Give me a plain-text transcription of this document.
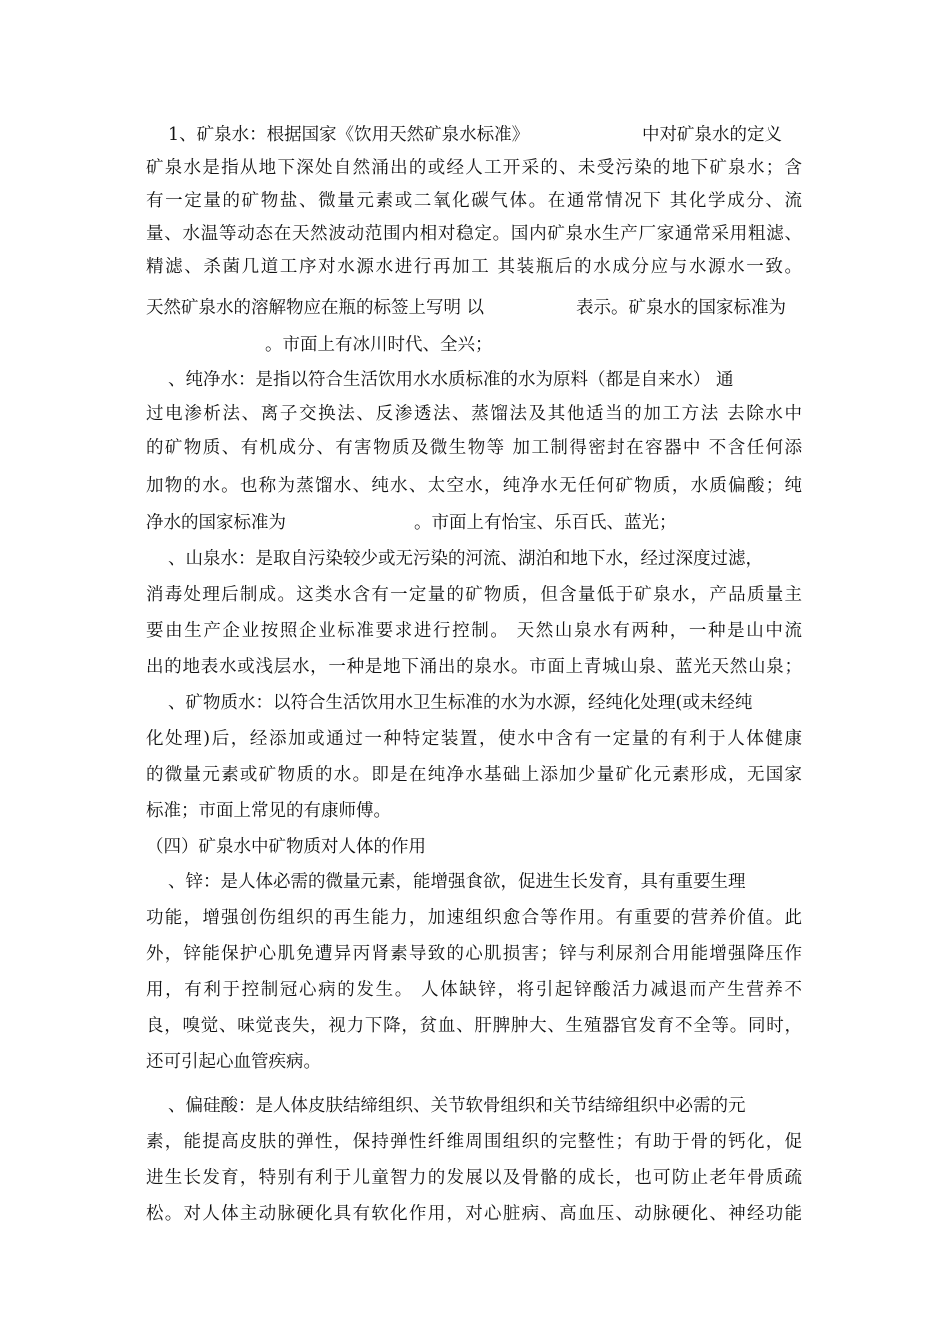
1、矿泉水：根据国家《饮用天然矿泉水标准》	中对矿泉水的定义
矿泉水是指从地下深处自然涌出的或经人工开采的、未受污染的地下矿泉水；含
有一定量的矿物盐、微量元素或二氧化碳气体。在通常情况下 其化学成分、流
量、水温等动态在天然波动范围内相对稳定。国内矿泉水生产厂家通常采用粗滤、
精滤、杀菌几道工序对水源水进行再加工 其装瓶后的水成分应与水源水一致。
天然矿泉水的溶解物应在瓶的标签上写明 以	表示。矿泉水的国家标准为
。市面上有冰川时代、全兴；
、纯净水：是指以符合生活饮用水水质标准的水为原料（都是自来水） 通
过电渗析法、离子交换法、反渗透法、蒸馏法及其他适当的加工方法 去除水中
的矿物质、有机成分、有害物质及微生物等 加工制得密封在容器中 不含任何添
加物的水。也称为蒸馏水、纯水、太空水，纯净水无任何矿物质，水质偏酸；纯
净水的国家标准为	。市面上有怡宝、乐百氏、蓝光；
、山泉水：是取自污染较少或无污染的河流、湖泊和地下水，经过深度过滤，
消毒处理后制成。这类水含有一定量的矿物质，但含量低于矿泉水，产品质量主
要由生产企业按照企业标准要求进行控制。 天然山泉水有两种，一种是山中流
出的地表水或浅层水，一种是地下涌出的泉水。市面上青城山泉、蓝光天然山泉；
、矿物质水：以符合生活饮用水卫生标准的水为水源，经纯化处理(或未经纯
化处理)后，经添加或通过一种特定装置，使水中含有一定量的有利于人体健康
的微量元素或矿物质的水。即是在纯净水基础上添加少量矿化元素形成，无国家
标准；市面上常见的有康师傅。
（四）矿泉水中矿物质对人体的作用
、锌：是人体必需的微量元素，能增强食欲，促进生长发育，具有重要生理
功能，增强创伤组织的再生能力，加速组织愈合等作用。有重要的营养价值。此
外，锌能保护心肌免遭异丙肾素导致的心肌损害；锌与利尿剂合用能增强降压作
用，有利于控制冠心病的发生。 人体缺锌，将引起锌酸活力减退而产生营养不
良，嗅觉、味觉丧失，视力下降，贫血、肝脾肿大、生殖器官发育不全等。同时，
还可引起心血管疾病。
、偏硅酸：是人体皮肤结缔组织、关节软骨组织和关节结缔组织中必需的元
素，能提高皮肤的弹性，保持弹性纤维周围组织的完整性；有助于骨的钙化，促
进生长发育，特别有利于儿童智力的发展以及骨骼的成长，也可防止老年骨质疏
松。对人体主动脉硬化具有软化作用，对心脏病、高血压、动脉硬化、神经功能
